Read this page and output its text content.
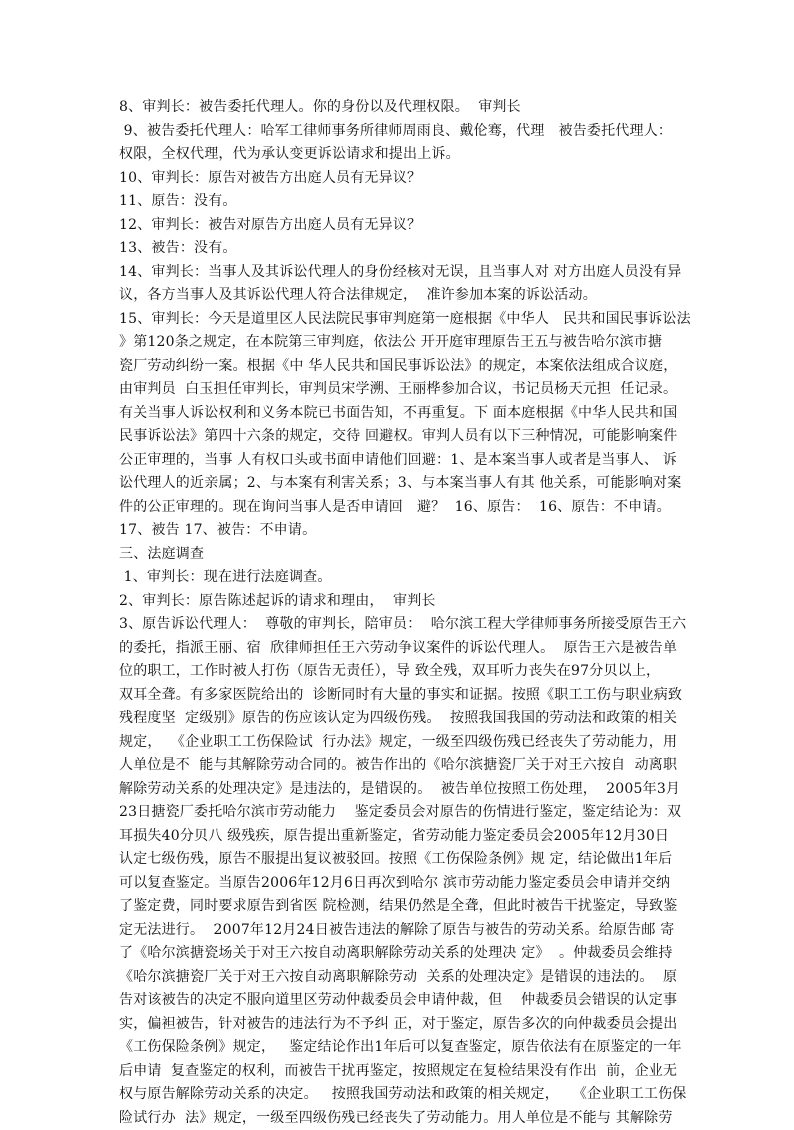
8、审判长：被告委托代理人。你的身份以及代理权限。  审判长
9、被告委托代理人：哈军工律师事务所律师周雨良、戴伦骞，代理   被告委托代理人：
权限，全权代理，代为承认变更诉讼请求和提出上诉。
10、审判长：原告对被告方出庭人员有无异议？
11、原告：没有。
12、审判长：被告对原告方出庭人员有无异议？
13、被告：没有。
14、审判长：当事人及其诉讼代理人的身份经核对无误，且当事人对 对方出庭人员没有异
议，各方当事人及其诉讼代理人符合法律规定，  准许参加本案的诉讼活动。
15、审判长：今天是道里区人民法院民事审判庭第一庭根据《中华人   民共和国民事诉讼法
》第120条之规定，在本院第三审判庭，依法公 开开庭审理原告王五与被告哈尔滨市搪
瓷厂劳动纠纷一案。根据《中 华人民共和国民事诉讼法》的规定，本案依法组成合议庭，
由审判员  白玉担任审判长，审判员宋学溯、王丽桦参加合议，书记员杨天元担  任记录。
有关当事人诉讼权利和义务本院已书面告知，不再重复。下 面本庭根据《中华人民共和国
民事诉讼法》第四十六条的规定，交待 回避权。审判人员有以下三种情况，可能影响案件
公正审理的，当事 人有权口头或书面申请他们回避：1、是本案当事人或者是当事人、 诉
讼代理人的近亲属；2、与本案有利害关系；3、与本案当事人有其 他关系，可能影响对案
件的公正审理的。现在询问当事人是否申请回   避？  16、原告：  16、原告：不申请。
17、被告 17、被告：不申请。
三、法庭调查
1、审判长：现在进行法庭调查。
2、审判长：原告陈述起诉的请求和理由，  审判长
3、原告诉讼代理人：  尊敬的审判长，陪审员：  哈尔滨工程大学律师事务所接受原告王六
的委托，指派王丽、宿  欣律师担任王六劳动争议案件的诉讼代理人。  原告王六是被告单
位的职工，工作时被人打伤（原告无责任），导 致全残，双耳听力丧失在97分贝以上，
双耳全聋。有多家医院给出的  诊断同时有大量的事实和证据。按照《职工工伤与职业病致
残程度坚  定级别》原告的伤应该认定为四级伤残。  按照我国我国的劳动法和政策的相关
规定，  《企业职工工伤保险试  行办法》规定，一级至四级伤残已经丧失了劳动能力，用
人单位是不  能与其解除劳动合同的。被告作出的《哈尔滨搪瓷厂关于对王六按自  动离职
解除劳动关系的处理决定》是违法的，是错误的。  被告单位按照工伤处理，  2005年3月
23日搪瓷厂委托哈尔滨市劳动能力    鉴定委员会对原告的伤情进行鉴定，鉴定结论为：双
耳损失40分贝八 级残疾，原告提出重新鉴定，省劳动能力鉴定委员会2005年12月30日
认定七级伤残，原告不服提出复议被驳回。按照《工伤保险条例》规 定，结论做出1年后
可以复查鉴定。当原告2006年12月6日再次到哈尔 滨市劳动能力鉴定委员会申请并交纳
了鉴定费，同时要求原告到省医 院检测，结果仍然是全聋，但此时被告干扰鉴定，导致鉴
定无法进行。  2007年12月24日被告违法的解除了原告与被告的劳动关系。给原告邮 寄
了《哈尔滨搪瓷场关于对王六按自动离职解除劳动关系的处理决 定》  。仲裁委员会维持
《哈尔滨搪瓷厂关于对王六按自动离职解除劳动  关系的处理决定》是错误的违法的。  原
告对该被告的决定不服向道里区劳动仲裁委员会申请仲裁，但    仲裁委员会错误的认定事
实，偏袒被告，针对被告的违法行为不予纠 正，对于鉴定，原告多次的向仲裁委员会提出
《工伤保险条例》规定，   鉴定结论作出1年后可以复查鉴定，原告依法有在原鉴定的一年
后申请  复查鉴定的权利，而被告干扰再鉴定，按照规定在复检结果没有作出  前，企业无
权与原告解除劳动关系的决定。   按照我国劳动法和政策的相关规定，   《企业职工工伤保
险试行办  法》规定，一级至四级伤残已经丧失了劳动能力。用人单位是不能与 其解除劳
